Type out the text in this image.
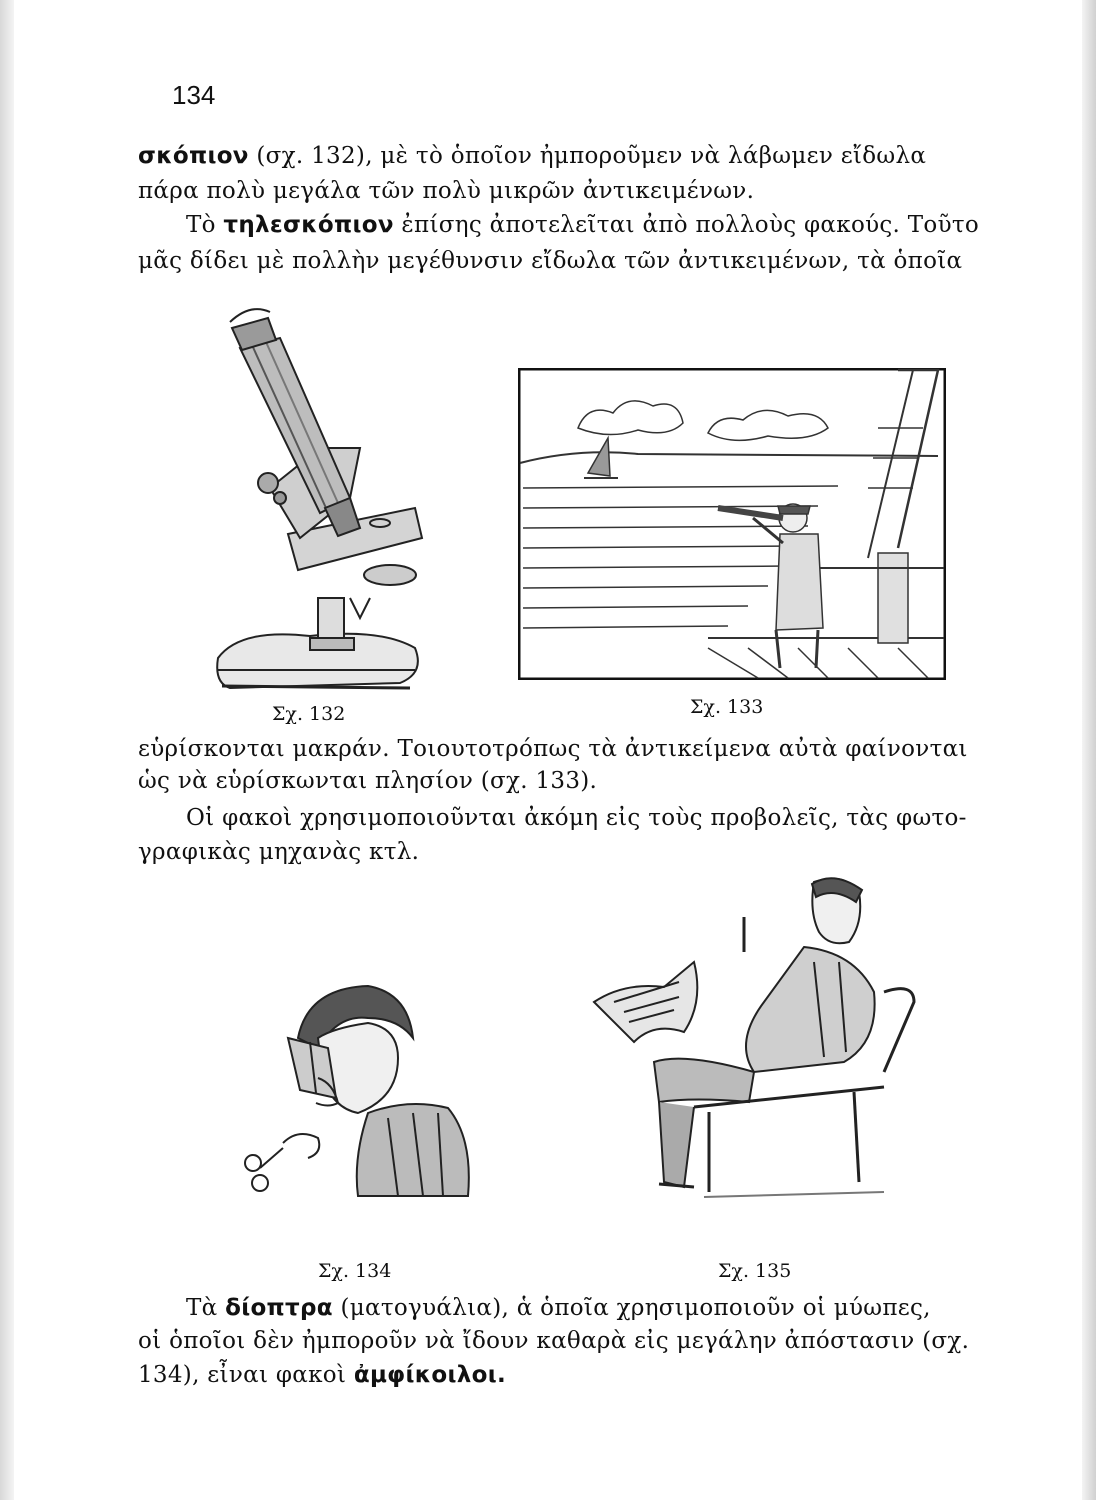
134
σκόπιον (σχ. 132), μὲ τὸ ὁποῖον ἠμποροῦμεν νὰ λάβωμεν εἴδωλα
πάρα πολὺ μεγάλα τῶν πολὺ μικρῶν ἀντικειμένων.
Τὸ τηλεσκόπιον ἐπίσης ἀποτελεῖται ἀπὸ πολλοὺς φακούς. Τοῦτο
μᾶς δίδει μὲ πολλὴν μεγέθυνσιν εἴδωλα τῶν ἀντικειμένων, τὰ ὁποῖα
Σχ. 132	Σχ. 133
εὑρίσκονται μακράν. Τοιουτοτρόπως τὰ ἀντικείμενα αὐτὰ φαίνονται
ὡς νὰ εὑρίσκωνται πλησίον (σχ. 133).
Οἱ φακοὶ χρησιμοποιοῦνται ἀκόμη εἰς τοὺς προβολεῖς, τὰς φωτο-
γραφικὰς μηχανὰς κτλ.
Σχ. 134	Σχ. 135
Τὰ δίοπτρα (ματογυάλια), ἁ ὁποῖα χρησιμοποιοῦν οἱ μύωπες,
οἱ ὁποῖοι δὲν ἠμποροῦν νὰ ἴδουν καθαρὰ εἰς μεγάλην ἀπόστασιν (σχ.
134), εἶναι φακοὶ ἀμφίκοιλοι.
